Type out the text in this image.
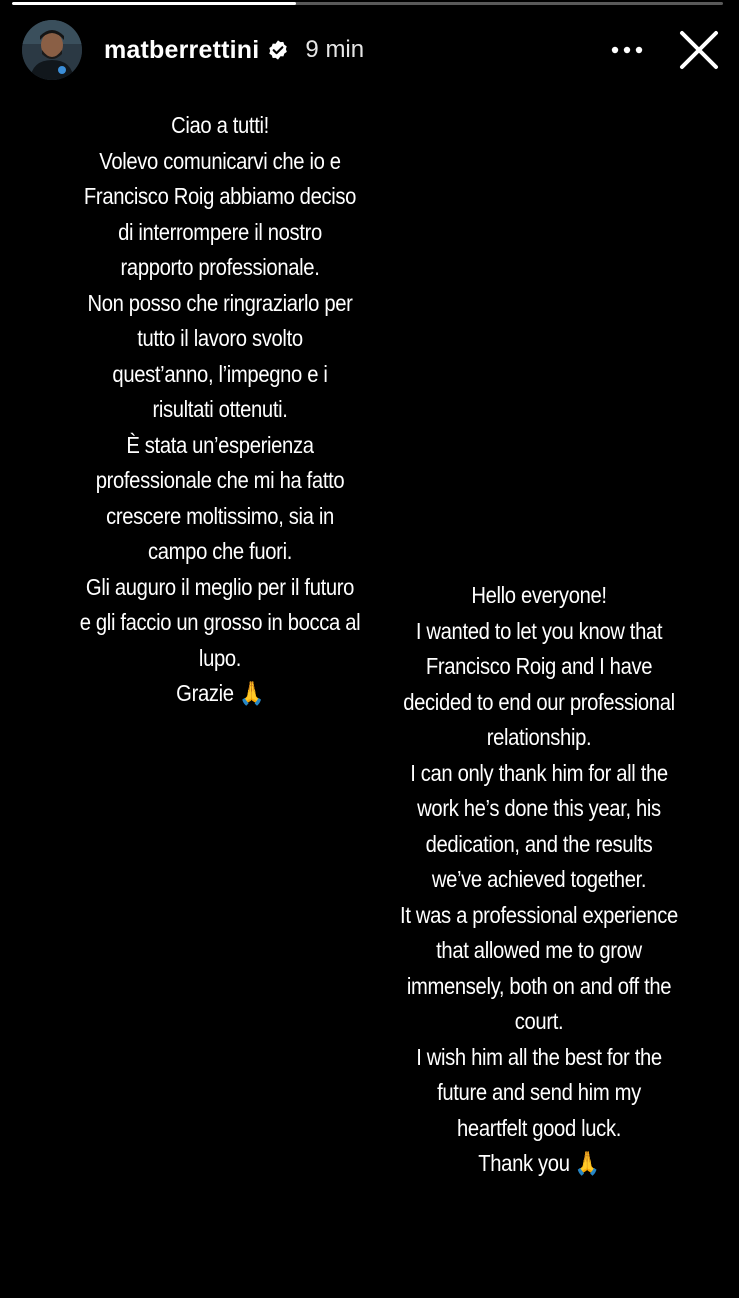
matberrettini 9 min
Ciao a tutti!
Volevo comunicarvi che io e
Francisco Roig abbiamo deciso
di interrompere il nostro
rapporto professionale.
Non posso che ringraziarlo per
tutto il lavoro svolto
quest’anno, l’impegno e i
risultati ottenuti.
È stata un’esperienza
professionale che mi ha fatto
crescere moltissimo, sia in
campo che fuori.
Gli auguro il meglio per il futuro
e gli faccio un grosso in bocca al
lupo.
Grazie 🙏
Hello everyone!
I wanted to let you know that
Francisco Roig and I have
decided to end our professional
relationship.
I can only thank him for all the
work he’s done this year, his
dedication, and the results
we’ve achieved together.
It was a professional experience
that allowed me to grow
immensely, both on and off the
court.
I wish him all the best for the
future and send him my
heartfelt good luck.
Thank you 🙏
